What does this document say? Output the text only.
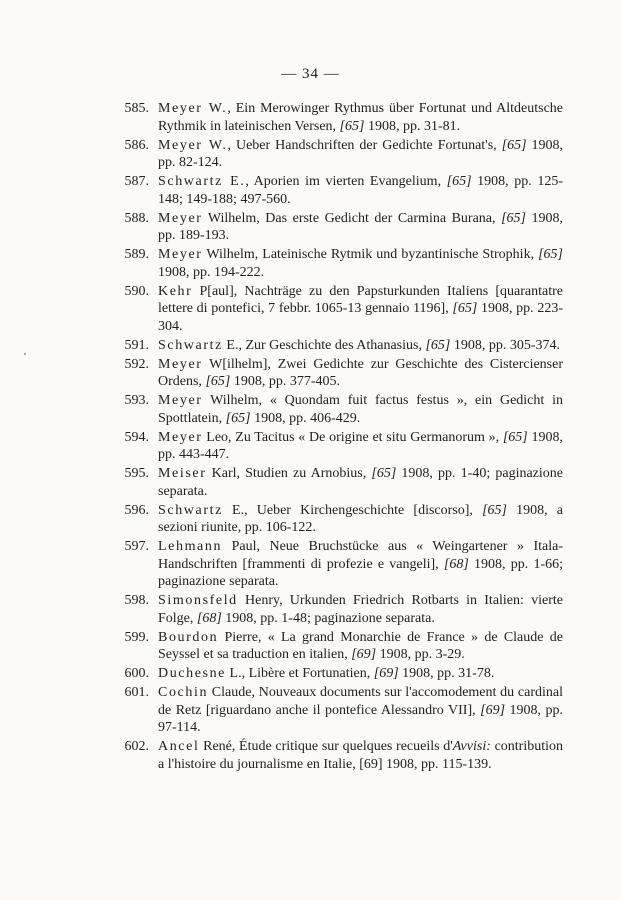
— 34 —
585. Meyer W., Ein Merowinger Rythmus über Fortunat und Altdeutsche Rythmik in lateinischen Versen, [65] 1908, pp. 31-81.
586. Meyer W., Ueber Handschriften der Gedichte Fortunat's, [65] 1908, pp. 82-124.
587. Schwartz E., Aporien im vierten Evangelium, [65] 1908, pp. 125-148; 149-188; 497-560.
588. Meyer Wilhelm, Das erste Gedicht der Carmina Burana, [65] 1908, pp. 189-193.
589. Meyer Wilhelm, Lateinische Rytmik und byzantinische Strophik, [65] 1908, pp. 194-222.
590. Kehr P[aul], Nachträge zu den Papsturkunden Italiens [quarantatre lettere di pontefici, 7 febbr. 1065-13 gennaio 1196], [65] 1908, pp. 223-304.
591. Schwartz E., Zur Geschichte des Athanasius, [65] 1908, pp. 305-374.
592. Meyer W[ilhelm], Zwei Gedichte zur Geschichte des Cistercienser Ordens, [65] 1908, pp. 377-405.
593. Meyer Wilhelm, « Quondam fuit factus festus », ein Gedicht in Spottlatein, [65] 1908, pp. 406-429.
594. Meyer Leo, Zu Tacitus « De origine et situ Germanorum », [65] 1908, pp. 443-447.
595. Meiser Karl, Studien zu Arnobius, [65] 1908, pp. 1-40; paginazione separata.
596. Schwartz E., Ueber Kirchengeschichte [discorso], [65] 1908, a sezioni riunite, pp. 106-122.
597. Lehmann Paul, Neue Bruchstücke aus « Weingartener » Itala-Handschriften [frammenti di profezie e vangeli], [68] 1908, pp. 1-66; paginazione separata.
598. Simonsfeld Henry, Urkunden Friedrich Rotbarts in Italien: vierte Folge, [68] 1908, pp. 1-48; paginazione separata.
599. Bourdon Pierre, « La grand Monarchie de France » de Claude de Seyssel et sa traduction en italien, [69] 1908, pp. 3-29.
600. Duchesne L., Libère et Fortunatien, [69] 1908, pp. 31-78.
601. Cochin Claude, Nouveaux documents sur l'accomodement du cardinal de Retz [riguardano anche il pontefice Alessandro VII], [69] 1908, pp. 97-114.
602. Ancel René, Étude critique sur quelques recueils d'Avvisi: contribution a l'histoire du journalisme en Italie, [69] 1908, pp. 115-139.
